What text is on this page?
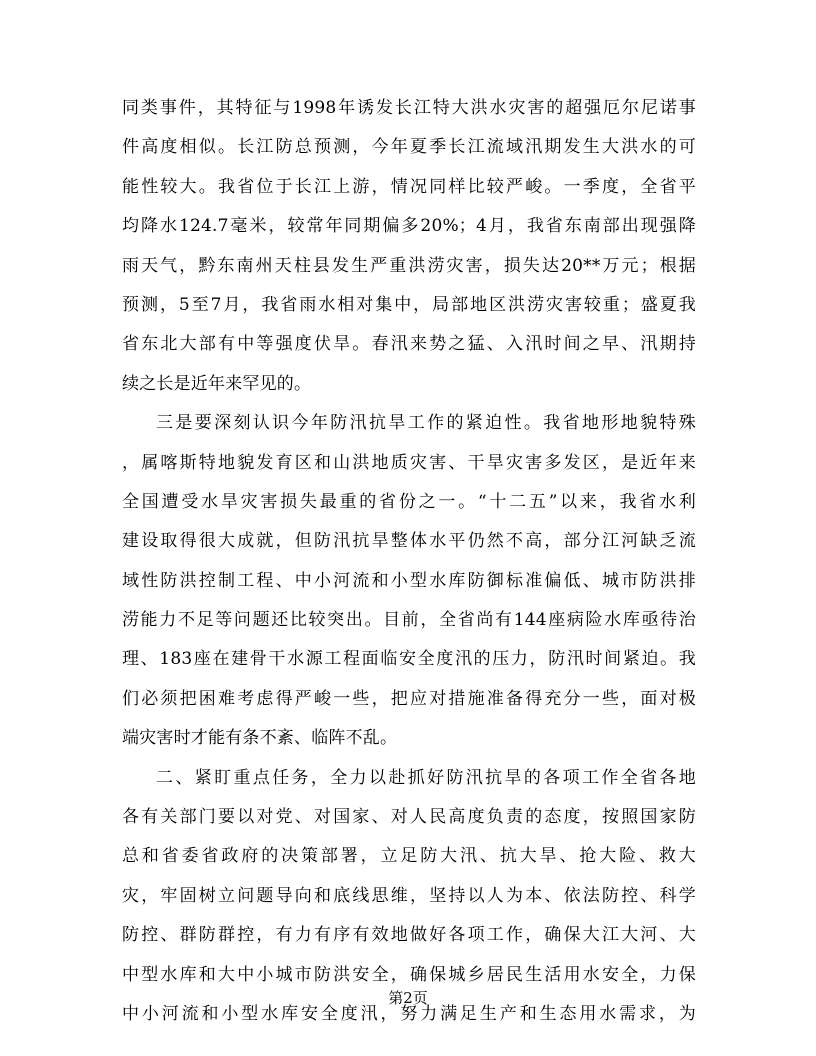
同类事件，其特征与1998年诱发长江特大洪水灾害的超强厄尔尼诺事
件高度相似。长江防总预测，今年夏季长江流域汛期发生大洪水的可
能性较大。我省位于长江上游，情况同样比较严峻。一季度，全省平
均降水124.7毫米，较常年同期偏多20%；4月，我省东南部出现强降
雨天气，黔东南州天柱县发生严重洪涝灾害，损失达20**万元；根据
预测，5至7月，我省雨水相对集中，局部地区洪涝灾害较重；盛夏我
省东北大部有中等强度伏旱。春汛来势之猛、入汛时间之早、汛期持
续之长是近年来罕见的。
三是要深刻认识今年防汛抗旱工作的紧迫性。我省地形地貌特殊
，属喀斯特地貌发育区和山洪地质灾害、干旱灾害多发区，是近年来
全国遭受水旱灾害损失最重的省份之一。“十二五”以来，我省水利
建设取得很大成就，但防汛抗旱整体水平仍然不高，部分江河缺乏流
域性防洪控制工程、中小河流和小型水库防御标准偏低、城市防洪排
涝能力不足等问题还比较突出。目前，全省尚有144座病险水库亟待治
理、183座在建骨干水源工程面临安全度汛的压力，防汛时间紧迫。我
们必须把困难考虑得严峻一些，把应对措施准备得充分一些，面对极
端灾害时才能有条不紊、临阵不乱。
二、紧盯重点任务，全力以赴抓好防汛抗旱的各项工作全省各地
各有关部门要以对党、对国家、对人民高度负责的态度，按照国家防
总和省委省政府的决策部署，立足防大汛、抗大旱、抢大险、救大
灾，牢固树立问题导向和底线思维，坚持以人为本、依法防控、科学
防控、群防群控，有力有序有效地做好各项工作，确保大江大河、大
中型水库和大中小城市防洪安全，确保城乡居民生活用水安全，力保
中小河流和小型水库安全度汛，努力满足生产和生态用水需求，为
第2页
